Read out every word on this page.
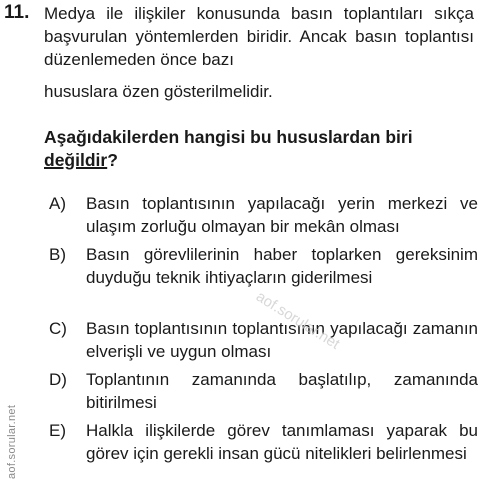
11. Medya ile ilişkiler konusunda basın toplantıları sıkça başvurulan yöntemlerden biridir. Ancak basın toplantısı düzenlemeden önce bazı
hususlara özen gösterilmelidir.
Aşağıdakilerden hangisi bu hususlardan biri
değildir?
A)	Basın toplantısının yapılacağı yerin merkezi ve ulaşım zorluğu olmayan bir mekân olması
B)	Basın görevlilerinin haber toplarken gereksinim duyduğu teknik ihtiyaçların giderilmesi
C)	Basın toplantısının toplantısının yapılacağı zamanın elverişli ve uygun olması
D)	Toplantının zamanında başlatılıp, zamanında bitirilmesi
E)	Halkla ilişkilerde görev tanımlaması yaparak bu görev için gerekli insan gücü nitelikleri belirlenmesi
aof.sorular.net
aof.sorular.net
